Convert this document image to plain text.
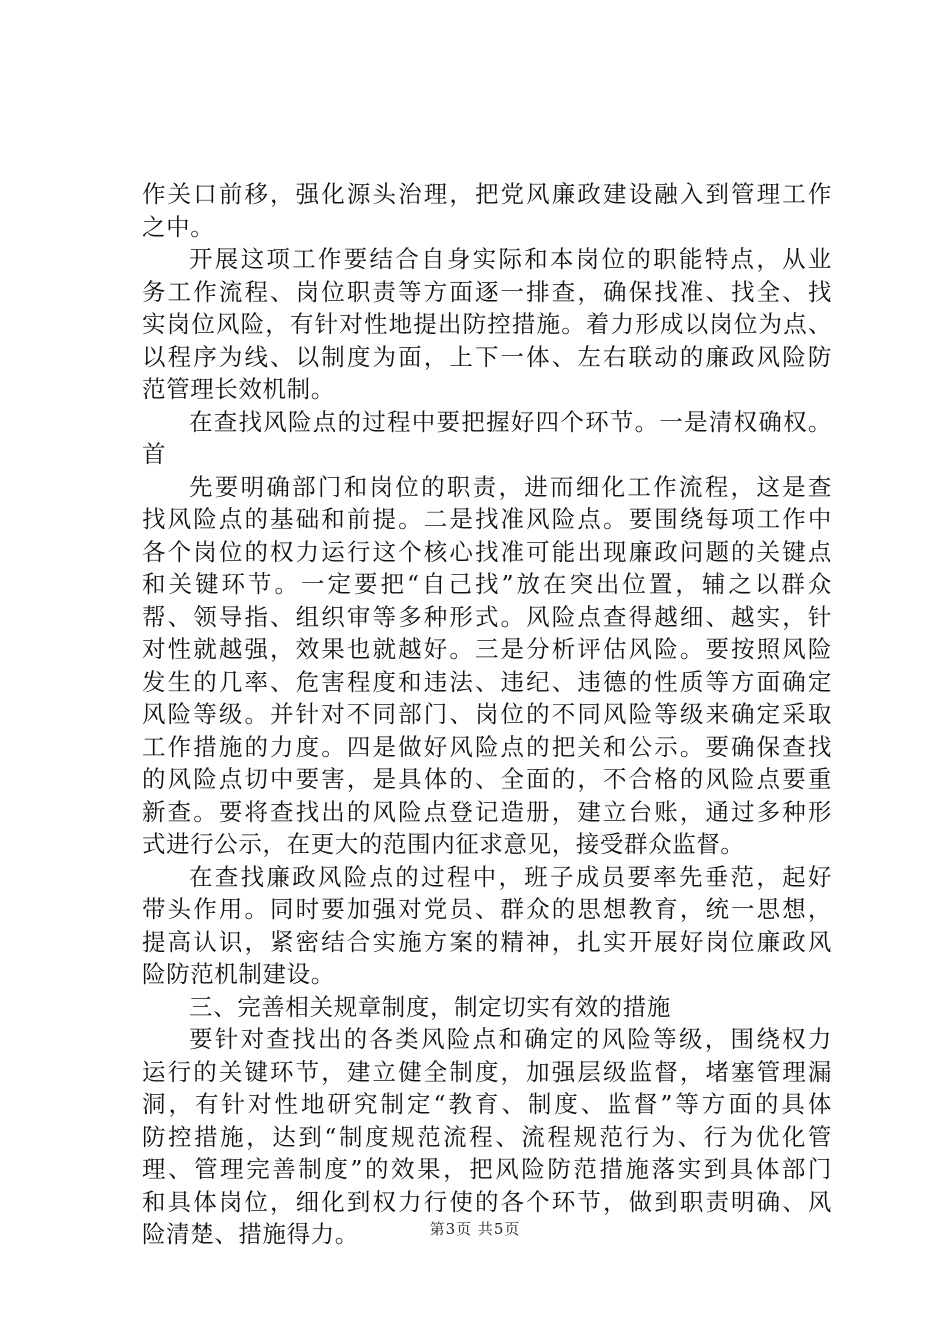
作关口前移，强化源头治理，把党风廉政建设融入到管理工作
之中。
开展这项工作要结合自身实际和本岗位的职能特点，从业
务工作流程、岗位职责等方面逐一排查，确保找准、找全、找
实岗位风险，有针对性地提出防控措施。着力形成以岗位为点、
以程序为线、以制度为面，上下一体、左右联动的廉政风险防
范管理长效机制。
在查找风险点的过程中要把握好四个环节。一是清权确权。
首
先要明确部门和岗位的职责，进而细化工作流程，这是查
找风险点的基础和前提。二是找准风险点。要围绕每项工作中
各个岗位的权力运行这个核心找准可能出现廉政问题的关键点
和关键环节。一定要把“自己找”放在突出位置，辅之以群众
帮、领导指、组织审等多种形式。风险点查得越细、越实，针
对性就越强，效果也就越好。三是分析评估风险。要按照风险
发生的几率、危害程度和违法、违纪、违德的性质等方面确定
风险等级。并针对不同部门、岗位的不同风险等级来确定采取
工作措施的力度。四是做好风险点的把关和公示。要确保查找
的风险点切中要害，是具体的、全面的，不合格的风险点要重
新查。要将查找出的风险点登记造册，建立台账，通过多种形
式进行公示，在更大的范围内征求意见，接受群众监督。
在查找廉政风险点的过程中，班子成员要率先垂范，起好
带头作用。同时要加强对党员、群众的思想教育，统一思想，
提高认识，紧密结合实施方案的精神，扎实开展好岗位廉政风
险防范机制建设。
三、完善相关规章制度，制定切实有效的措施
要针对查找出的各类风险点和确定的风险等级，围绕权力
运行的关键环节，建立健全制度，加强层级监督，堵塞管理漏
洞，有针对性地研究制定“教育、制度、监督”等方面的具体
防控措施，达到“制度规范流程、流程规范行为、行为优化管
理、管理完善制度”的效果，把风险防范措施落实到具体部门
和具体岗位，细化到权力行使的各个环节，做到职责明确、风
险清楚、措施得力。	第3页 共5页
